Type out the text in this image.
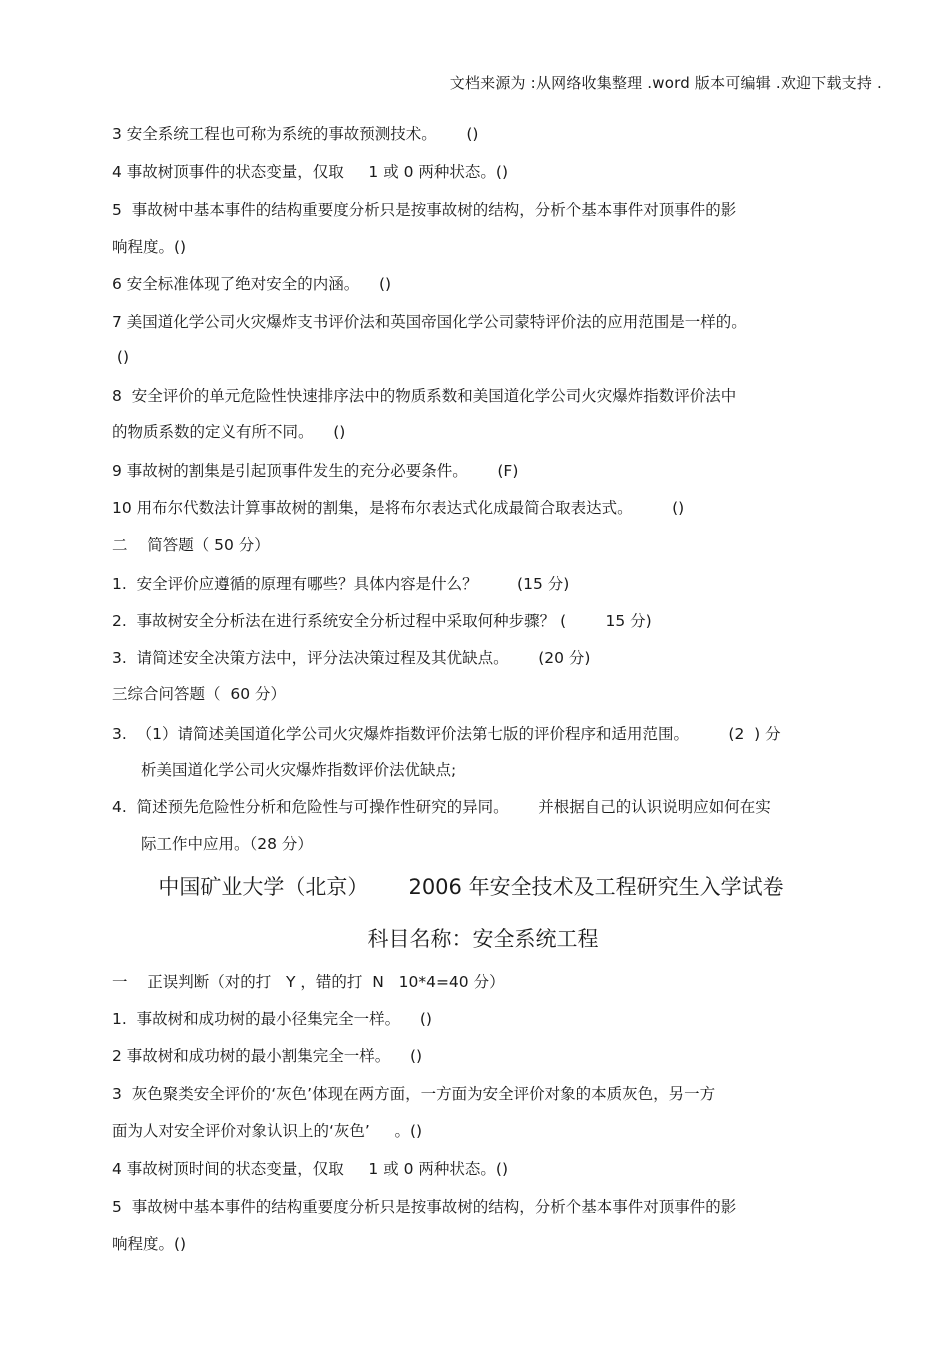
文档来源为 :从网络收集整理 .word 版本可编辑 .欢迎下载支持 .
3 安全系统工程也可称为系统的事故预测技术。      ()
4 事故树顶事件的状态变量，仅取     1 或 0 两种状态。()
5  事故树中基本事件的结构重要度分析只是按事故树的结构，分析个基本事件对顶事件的影
响程度。()
6 安全标准体现了绝对安全的内涵。    ()
7 美国道化学公司火灾爆炸支书评价法和英国帝国化学公司蒙特评价法的应用范围是一样的。
()
8  安全评价的单元危险性快速排序法中的物质系数和美国道化学公司火灾爆炸指数评价法中
的物质系数的定义有所不同。    ()
9 事故树的割集是引起顶事件发生的充分必要条件。      (F)
10 用布尔代数法计算事故树的割集，是将布尔表达式化成最简合取表达式。        ()
二    简答题（ 50 分）
1.  安全评价应遵循的原理有哪些？具体内容是什么？        (15 分)
2.  事故树安全分析法在进行系统安全分析过程中采取何种步骤？ (        15 分)
3.  请简述安全决策方法中，评分法决策过程及其优缺点。      (20 分)
三综合问答题（  60 分）
3.  （1）请简述美国道化学公司火灾爆炸指数评价法第七版的评价程序和适用范围。        (2  ) 分
析美国道化学公司火灾爆炸指数评价法优缺点;
4.  简述预先危险性分析和危险性与可操作性研究的异同。      并根据自己的认识说明应如何在实
际工作中应用。（28 分）
中国矿业大学（北京）      2006 年安全技术及工程研究生入学试卷
科目名称：安全系统工程
一    正误判断（对的打   Y ，错的打  N   10*4=40 分）
1.  事故树和成功树的最小径集完全一样。    ()
2 事故树和成功树的最小割集完全一样。    ()
3  灰色聚类安全评价的‘灰色’体现在两方面，一方面为安全评价对象的本质灰色，另一方
面为人对安全评价对象认识上的‘灰色’     。()
4 事故树顶时间的状态变量，仅取     1 或 0 两种状态。()
5  事故树中基本事件的结构重要度分析只是按事故树的结构，分析个基本事件对顶事件的影
响程度。()
